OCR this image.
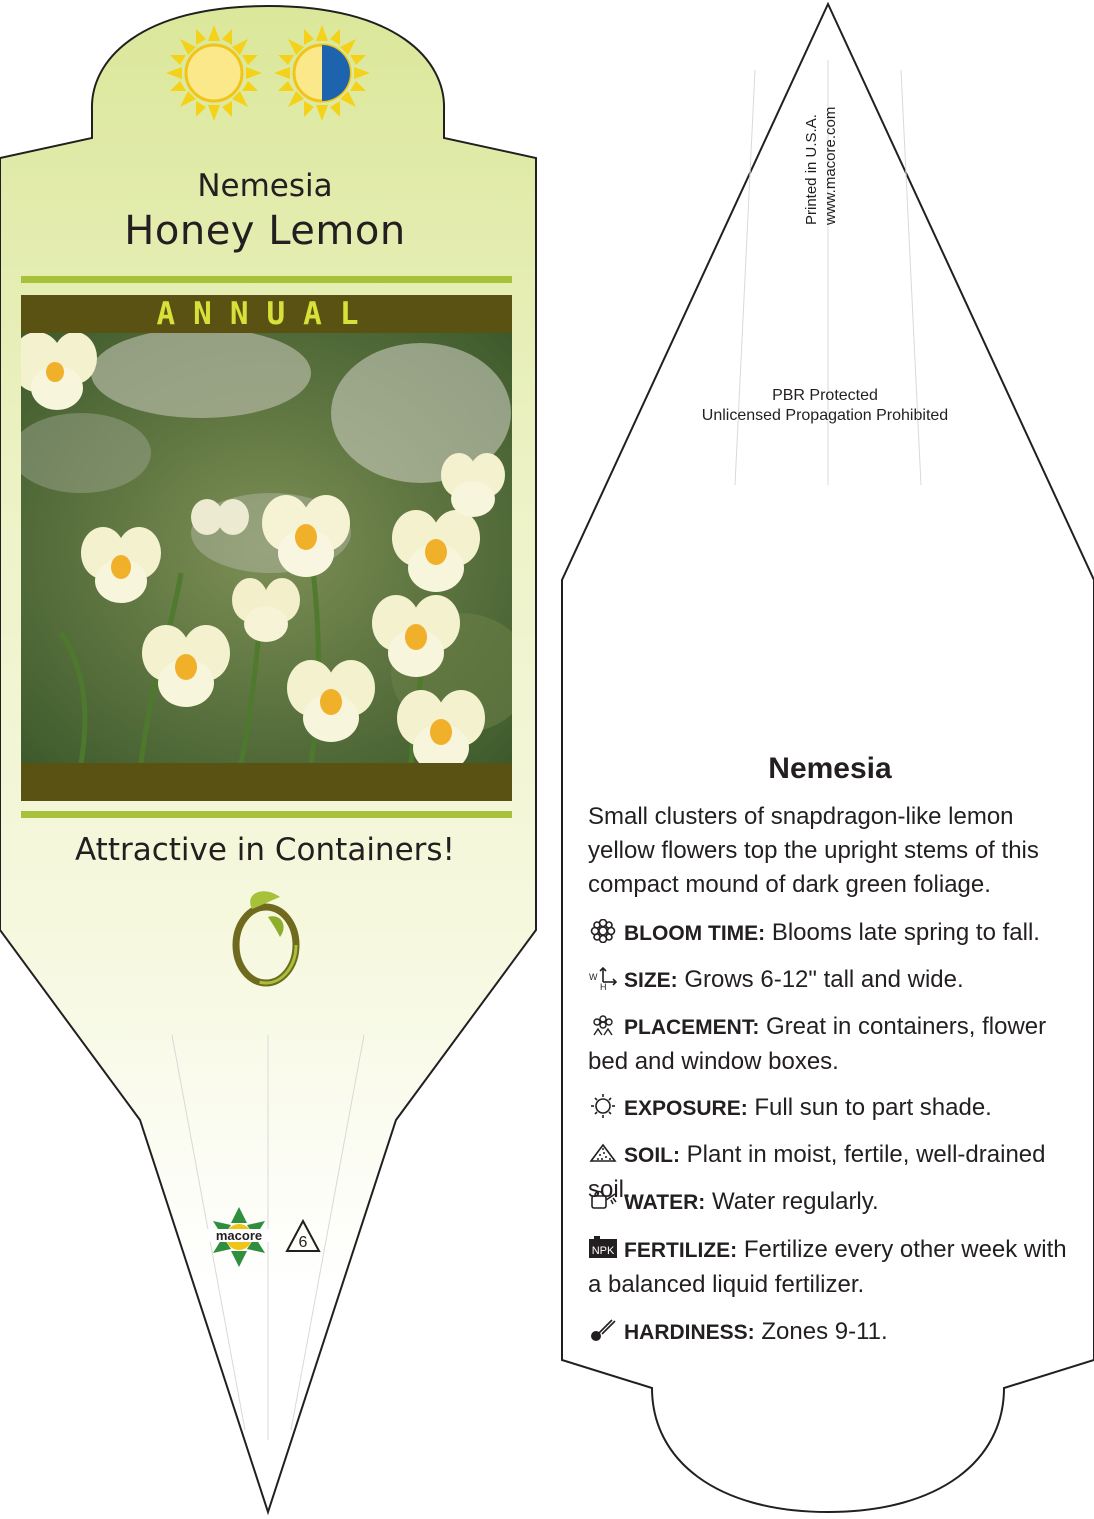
Nemesia
Honey Lemon
ANNUAL
Attractive in Containers!
macore 6
Printed in U.S.A. www.macore.com
PBR Protected
Unlicensed Propagation Prohibited
Nemesia
Small clusters of snapdragon-like lemon yellow flowers top the upright stems of this compact mound of dark green foliage.
BLOOM TIME: Blooms late spring to fall.
W
H SIZE: Grows 6-12" tall and wide.
PLACEMENT: Great in containers, flower bed and window boxes.
EXPOSURE: Full sun to part shade.
SOIL: Plant in moist, fertile, well-drained soil.
WATER: Water regularly.
NPK FERTILIZE: Fertilize every other week with a balanced liquid fertilizer.
HARDINESS: Zones 9-11.
